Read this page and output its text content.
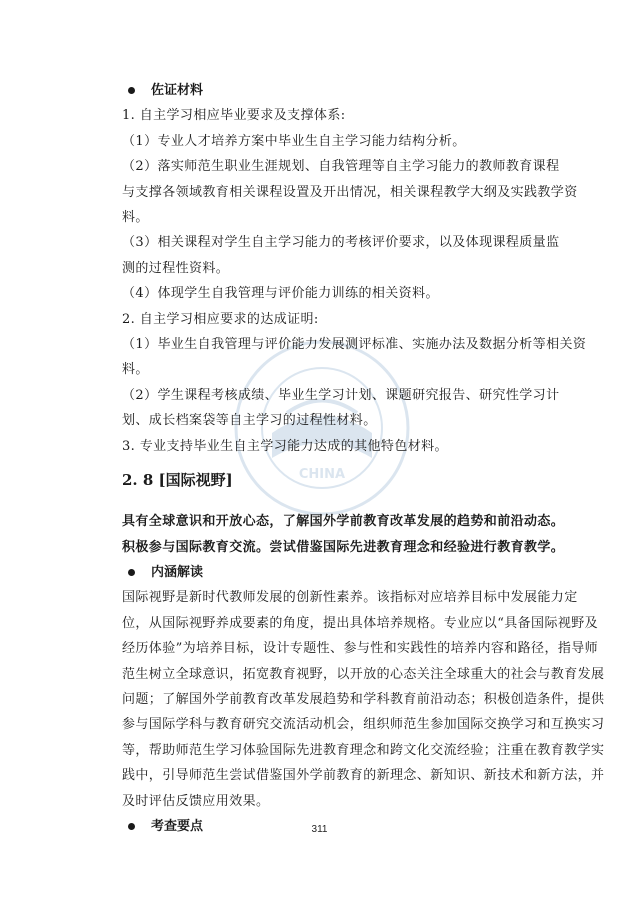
CHINA
佐证材料
1. 自主学习相应毕业要求及支撑体系:
（1）专业人才培养方案中毕业生自主学习能力结构分析。
（2）落实师范生职业生涯规划、自我管理等自主学习能力的教师教育课程
与支撑各领域教育相关课程设置及开出情况，相关课程教学大纲及实践教学资
料。
（3）相关课程对学生自主学习能力的考核评价要求，以及体现课程质量监
测的过程性资料。
（4）体现学生自我管理与评价能力训练的相关资料。
2. 自主学习相应要求的达成证明:
（1）毕业生自我管理与评价能力发展测评标准、实施办法及数据分析等相关资
料。
（2）学生课程考核成绩、毕业生学习计划、课题研究报告、研究性学习计
划、成长档案袋等自主学习的过程性材料。
3. 专业支持毕业生自主学习能力达成的其他特色材料。
2. 8 [国际视野]
具有全球意识和开放心态，了解国外学前教育改革发展的趋势和前沿动态。
积极参与国际教育交流。尝试借鉴国际先进教育理念和经验进行教育教学。
内涵解读
国际视野是新时代教师发展的创新性素养。该指标对应培养目标中发展能力定
位，从国际视野养成要素的角度，提出具体培养规格。专业应以“具备国际视野及
经历体验”为培养目标，设计专题性、参与性和实践性的培养内容和路径，指导师
范生树立全球意识，拓宽教育视野，以开放的心态关注全球重大的社会与教育发展
问题；了解国外学前教育改革发展趋势和学科教育前沿动态；积极创造条件，提供
参与国际学科与教育研究交流活动机会，组织师范生参加国际交换学习和互换实习
等，帮助师范生学习体验国际先进教育理念和跨文化交流经验；注重在教育教学实
践中，引导师范生尝试借鉴国外学前教育的新理念、新知识、新技术和新方法，并
及时评估反馈应用效果。
考查要点	311
